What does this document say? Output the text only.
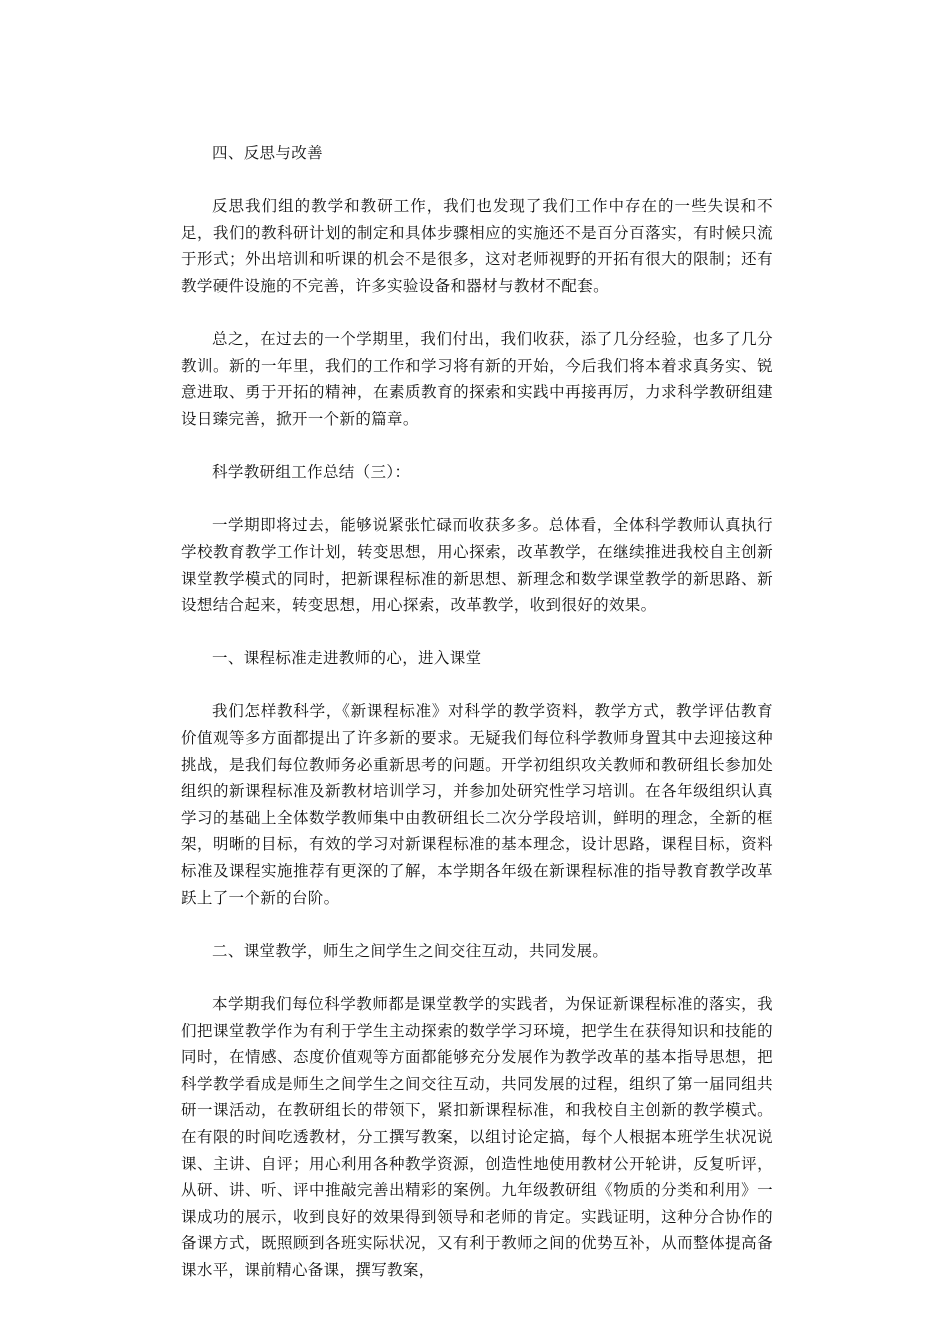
四、反思与改善

反思我们组的教学和教研工作，我们也发现了我们工作中存在的一些失误和不足，我们的教科研计划的制定和具体步骤相应的实施还不是百分百落实，有时候只流于形式；外出培训和听课的机会不是很多，这对老师视野的开拓有很大的限制；还有教学硬件设施的不完善，许多实验设备和器材与教材不配套。

总之，在过去的一个学期里，我们付出，我们收获，添了几分经验，也多了几分教训。新的一年里，我们的工作和学习将有新的开始，今后我们将本着求真务实、锐意进取、勇于开拓的精神，在素质教育的探索和实践中再接再厉，力求科学教研组建设日臻完善，掀开一个新的篇章。

科学教研组工作总结（三）：

一学期即将过去，能够说紧张忙碌而收获多多。总体看，全体科学教师认真执行学校教育教学工作计划，转变思想，用心探索，改革教学，在继续推进我校自主创新课堂教学模式的同时，把新课程标准的新思想、新理念和数学课堂教学的新思路、新设想结合起来，转变思想，用心探索，改革教学，收到很好的效果。

一、课程标准走进教师的心，进入课堂

我们怎样教科学，《新课程标准》对科学的教学资料，教学方式，教学评估教育价值观等多方面都提出了许多新的要求。无疑我们每位科学教师身置其中去迎接这种挑战，是我们每位教师务必重新思考的问题。开学初组织攻关教师和教研组长参加处组织的新课程标准及新教材培训学习，并参加处研究性学习培训。在各年级组织认真学习的基础上全体数学教师集中由教研组长二次分学段培训，鲜明的理念，全新的框架，明晰的目标，有效的学习对新课程标准的基本理念，设计思路，课程目标，资料标准及课程实施推荐有更深的了解，本学期各年级在新课程标准的指导教育教学改革跃上了一个新的台阶。

二、课堂教学，师生之间学生之间交往互动，共同发展。

本学期我们每位科学教师都是课堂教学的实践者，为保证新课程标准的落实，我们把课堂教学作为有利于学生主动探索的数学学习环境，把学生在获得知识和技能的同时，在情感、态度价值观等方面都能够充分发展作为教学改革的基本指导思想，把科学教学看成是师生之间学生之间交往互动，共同发展的过程，组织了第一届同组共研一课活动，在教研组长的带领下，紧扣新课程标准，和我校自主创新的教学模式。在有限的时间吃透教材，分工撰写教案，以组讨论定搞，每个人根据本班学生状况说课、主讲、自评；用心利用各种教学资源，创造性地使用教材公开轮讲，反复听评，从研、讲、听、评中推敲完善出精彩的案例。九年级教研组《物质的分类和利用》一课成功的展示，收到良好的效果得到领导和老师的肯定。实践证明，这种分合协作的备课方式，既照顾到各班实际状况，又有利于教师之间的优势互补，从而整体提高备课水平，课前精心备课，撰写教案，
